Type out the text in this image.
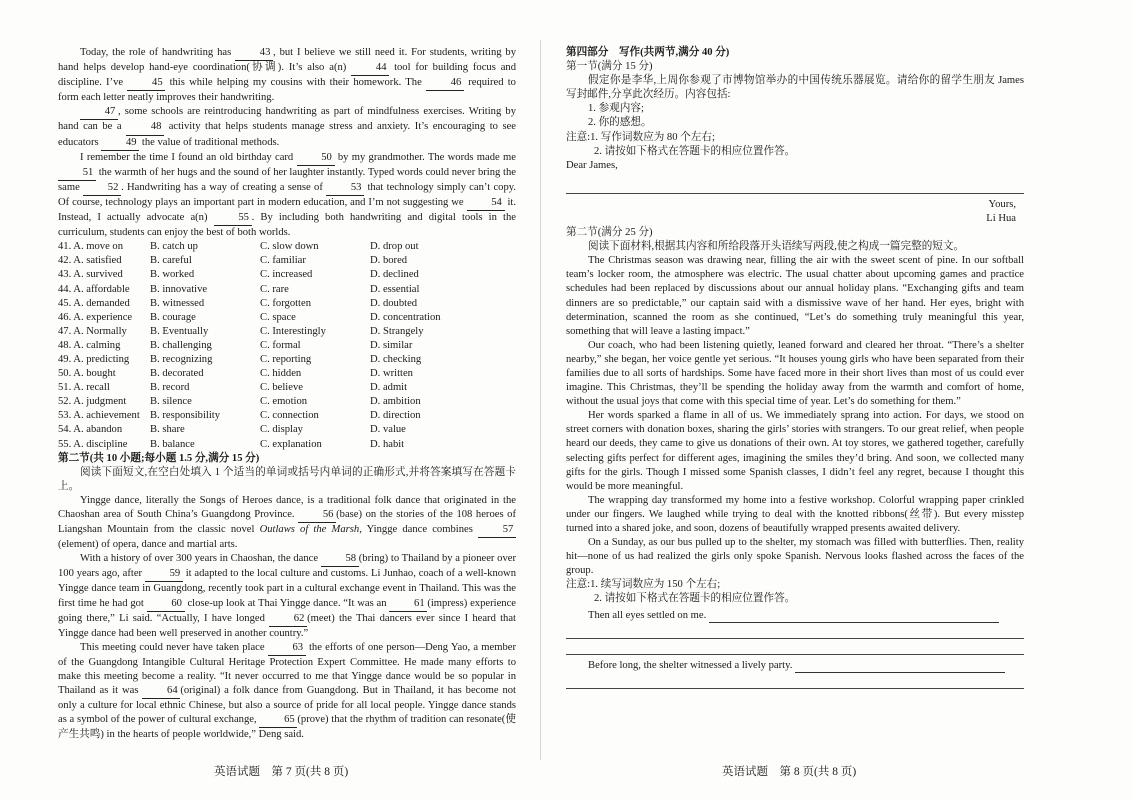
Today, the role of handwriting has 43 , but I believe we still need it. For students, writing by hand helps develop hand-eye coordination(协调). It’s also a(n) 44 tool for building focus and discipline. I’ve 45 this while helping my cousins with their homework. The 46 required to form each letter neatly improves their handwriting.

47 , some schools are reintroducing handwriting as part of mindfulness exercises. Writing by hand can be a 48 activity that helps students manage stress and anxiety. It’s encouraging to see educators 49 the value of traditional methods.

I remember the time I found an old birthday card 50 by my grandmother. The words made me 51 the warmth of her hugs and the sound of her laughter instantly. Typed words could never bring the same 52 . Handwriting has a way of creating a sense of 53 that technology simply can’t copy. Of course, technology plays an important part in modern education, and I’m not suggesting we 54 it. Instead, I actually advocate a(n) 55 . By including both handwriting and digital tools in the curriculum, students can enjoy the best of both worlds.

41. A. move on	B. catch up	C. slow down	D. drop out
42. A. satisfied	B. careful	C. familiar	D. bored
43. A. survived	B. worked	C. increased	D. declined
44. A. affordable	B. innovative	C. rare	D. essential
45. A. demanded	B. witnessed	C. forgotten	D. doubted
46. A. experience	B. courage	C. space	D. concentration
47. A. Normally	B. Eventually	C. Interestingly	D. Strangely
48. A. calming	B. challenging	C. formal	D. similar
49. A. predicting	B. recognizing	C. reporting	D. checking
50. A. bought	B. decorated	C. hidden	D. written
51. A. recall	B. record	C. believe	D. admit
52. A. judgment	B. silence	C. emotion	D. ambition
53. A. achievement	B. responsibility	C. connection	D. direction
54. A. abandon	B. share	C. display	D. value
55. A. discipline	B. balance	C. explanation	D. habit

第二节(共 10 小题;每小题 1.5 分,满分 15 分)

阅读下面短文,在空白处填入 1 个适当的单词或括号内单词的正确形式,并将答案填写在答题卡上。

Yingge dance, literally the Songs of Heroes dance, is a traditional folk dance that originated in the Chaoshan area of South China’s Guangdong Province. 56 (base) on the stories of the 108 heroes of Liangshan Mountain from the classic novel Outlaws of the Marsh, Yingge dance combines 57(element) of opera, dance and martial arts.

With a history of over 300 years in Chaoshan, the dance 58 (bring) to Thailand by a pioneer over 100 years ago, after 59 it adapted to the local culture and customs. Li Junhao, coach of a well-known Yingge dance team in Guangdong, recently took part in a cultural exchange event in Thailand. This was the first time he had got 60 close-up look at Thai Yingge dance. “It was an 61 (impress) experience going there,” Li said. “Actually, I have longed 62 (meet) the Thai dancers ever since I heard that Yingge dance had been well preserved in another country.”

This meeting could never have taken place 63 the efforts of one person—Deng Yao, a member of the Guangdong Intangible Cultural Heritage Protection Expert Committee. He made many efforts to make this meeting become a reality. “It never occurred to me that Yingge dance would be so popular in Thailand as it was 64 (original) a folk dance from Guangdong. But in Thailand, it has become not only a culture for local ethnic Chinese, but also a source of pride for all local people. Yingge dance stands as a symbol of the power of cultural exchange, 65 (prove) that the rhythm of tradition can resonate(使产生共鸣) in the hearts of people worldwide,” Deng said.

第四部分　写作(共两节,满分 40 分)

第一节(满分 15 分)

假定你是李华,上周你参观了市博物馆举办的中国传统乐器展览。请给你的留学生朋友 James 写封邮件,分享此次经历。内容包括:

1. 参观内容;

2. 你的感想。

注意:1. 写作词数应为 80 个左右;

2. 请按如下格式在答题卡的相应位置作答。

Dear James,

Yours,

Li Hua

第二节(满分 25 分)

阅读下面材料,根据其内容和所给段落开头语续写两段,使之构成一篇完整的短文。

The Christmas season was drawing near, filling the air with the sweet scent of pine. In our softball team’s locker room, the atmosphere was electric. The usual chatter about upcoming games and practice schedules had been replaced by discussions about our annual holiday plans. “Exchanging gifts and team dinners are so predictable,” our captain said with a dismissive wave of her hand. Her eyes, bright with determination, scanned the room as she continued, “Let’s do something truly meaningful this year, something that will leave a lasting impact.”

Our coach, who had been listening quietly, leaned forward and cleared her throat. “There’s a shelter nearby,” she began, her voice gentle yet serious. “It houses young girls who have been separated from their families due to all sorts of hardships. Some have faced more in their short lives than most of us could ever imagine. This Christmas, they’ll be spending the holiday away from the warmth and comfort of home, without the usual joys that come with this special time of year. Let’s do something for them.”

Her words sparked a flame in all of us. We immediately sprang into action. For days, we stood on street corners with donation boxes, sharing the girls’ stories with strangers. To our great relief, when people heard our deeds, they came to give us donations of their own. At toy stores, we gathered together, carefully selecting gifts perfect for different ages, imagining the smiles they’d bring. And soon, we collected many gifts for the girls. Though I missed some Spanish classes, I didn’t feel any regret, because I thought this would be more meaningful.

The wrapping day transformed my home into a festive workshop. Colorful wrapping paper crinkled under our fingers. We laughed while trying to deal with the knotted ribbons(丝带). But every misstep turned into a shared joke, and soon, dozens of beautifully wrapped presents awaited delivery.

On a Sunday, as our bus pulled up to the shelter, my stomach was filled with butterflies. Then, reality hit—none of us had realized the girls only spoke Spanish. Nervous looks flashed across the faces of the group.

注意:1. 续写词数应为 150 个左右;

2. 请按如下格式在答题卡的相应位置作答。

Then all eyes settled on me.

Before long, the shelter witnessed a lively party.

英语试题　第 7 页(共 8 页)	英语试题　第 8 页(共 8 页)
